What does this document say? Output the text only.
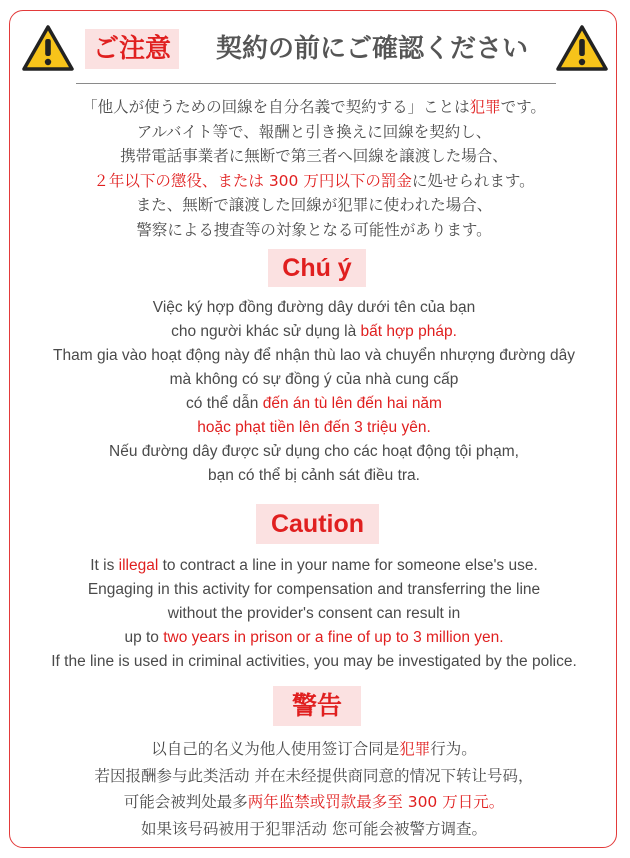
ご注意	契約の前にご確認ください

「他人が使うための回線を自分名義で契約する」ことは犯罪です。

アルバイト等で、報酬と引き換えに回線を契約し、

携帯電話事業者に無断で第三者へ回線を譲渡した場合、

２年以下の懲役、または 300 万円以下の罰金に処せられます。

また、無断で譲渡した回線が犯罪に使われた場合、

警察による捜査等の対象となる可能性があります。

Chú ý

Việc ký hợp đồng đường dây dưới tên của bạn

cho người khác sử dụng là bất hợp pháp.

Tham gia vào hoạt động này để nhận thù lao và chuyển nhượng đường dây

mà không có sự đồng ý của nhà cung cấp

có thể dẫn đến án tù lên đến hai năm

hoặc phạt tiền lên đến 3 triệu yên.

Nếu đường dây được sử dụng cho các hoạt động tội phạm,

bạn có thể bị cảnh sát điều tra.

Caution

It is illegal to contract a line in your name for someone else's use.

Engaging in this activity for compensation and transferring the line

without the provider's consent can result in

up to two years in prison or a fine of up to 3 million yen.

If the line is used in criminal activities, you may be investigated by the police.

警告

以自己的名义为他人使用签订合同是犯罪行为。

若因报酬参与此类活动 并在未经提供商同意的情况下转让号码，

可能会被判处最多两年监禁或罚款最多至 300 万日元。

如果该号码被用于犯罪活动 您可能会被警方调查。
